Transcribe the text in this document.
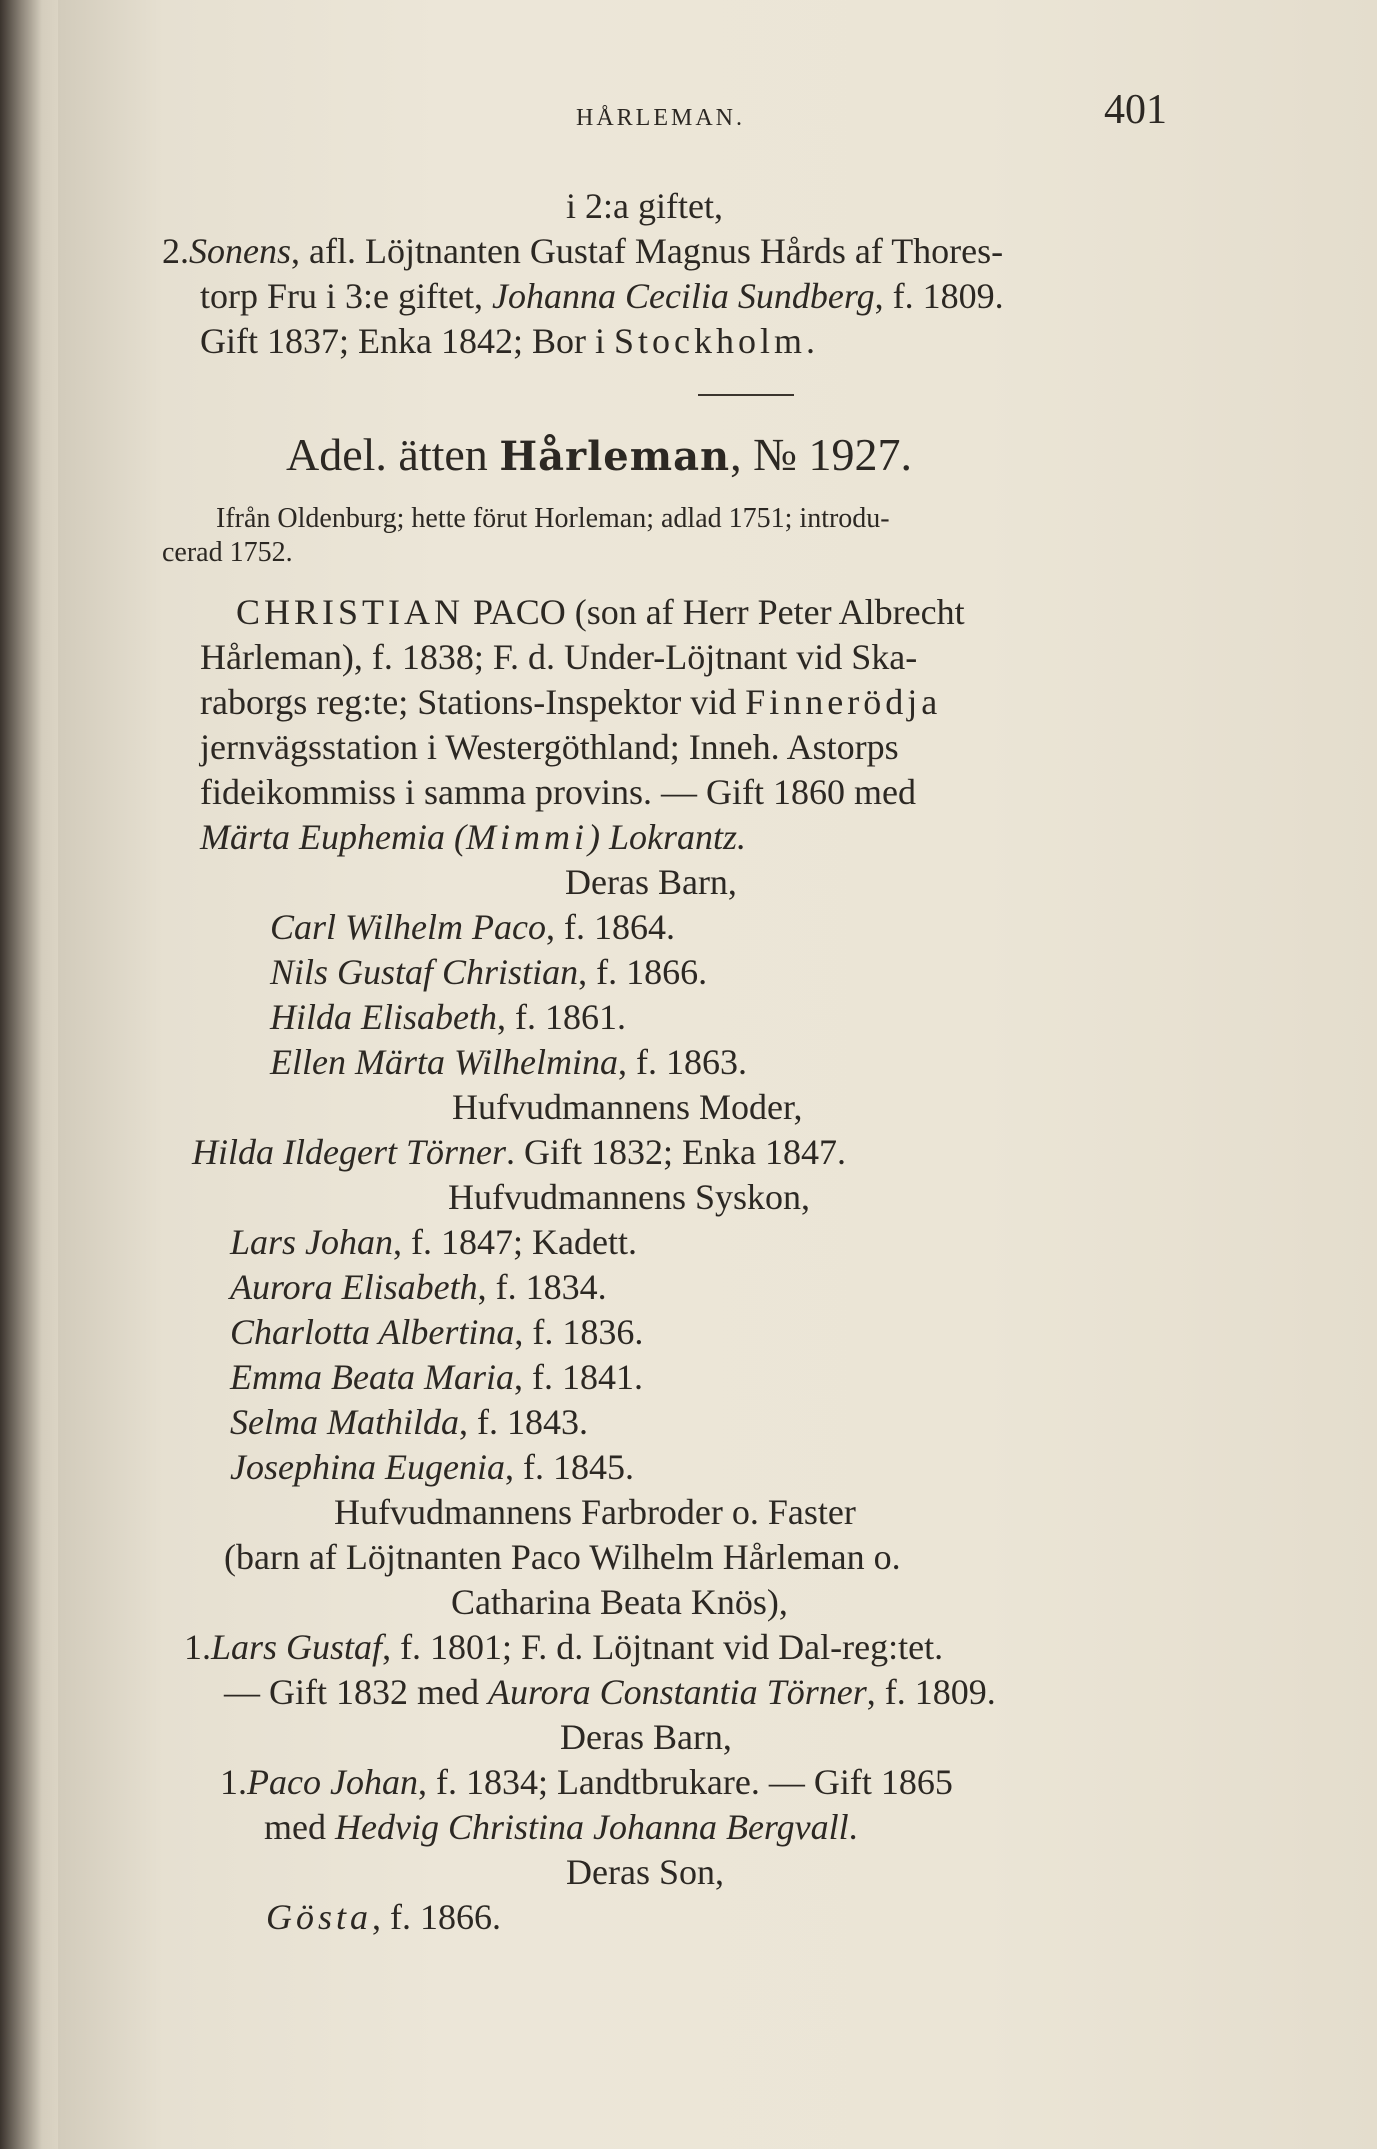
HÅRLEMAN.	401
i 2:a giftet,
2.Sonens, afl. Löjtnanten Gustaf Magnus Hårds af Thores-
torp Fru i 3:e giftet, Johanna Cecilia Sundberg, f. 1809.
Gift 1837; Enka 1842; Bor i Stockholm.
Adel. ätten Hårleman, № 1927.
Ifrån Oldenburg; hette förut Horleman; adlad 1751; introdu-
cerad 1752.
CHRISTIAN PACO (son af Herr Peter Albrecht
Hårleman), f. 1838; F. d. Under-Löjtnant vid Ska-
raborgs reg:te; Stations-Inspektor vid Finnerödja
jernvägsstation i Westergöthland; Inneh. Astorps
fideikommiss i samma provins. — Gift 1860 med
Märta Euphemia (Mimmi) Lokrantz.
Deras Barn,
Carl Wilhelm Paco, f. 1864.
Nils Gustaf Christian, f. 1866.
Hilda Elisabeth, f. 1861.
Ellen Märta Wilhelmina, f. 1863.
Hufvudmannens Moder,
Hilda Ildegert Törner. Gift 1832; Enka 1847.
Hufvudmannens Syskon,
Lars Johan, f. 1847; Kadett.
Aurora Elisabeth, f. 1834.
Charlotta Albertina, f. 1836.
Emma Beata Maria, f. 1841.
Selma Mathilda, f. 1843.
Josephina Eugenia, f. 1845.
Hufvudmannens Farbroder o. Faster
(barn af Löjtnanten Paco Wilhelm Hårleman o.
Catharina Beata Knös),
1.Lars Gustaf, f. 1801; F. d. Löjtnant vid Dal-reg:tet.
— Gift 1832 med Aurora Constantia Törner, f. 1809.
Deras Barn,
1.Paco Johan, f. 1834; Landtbrukare. — Gift 1865
med Hedvig Christina Johanna Bergvall.
Deras Son,
Gösta, f. 1866.
